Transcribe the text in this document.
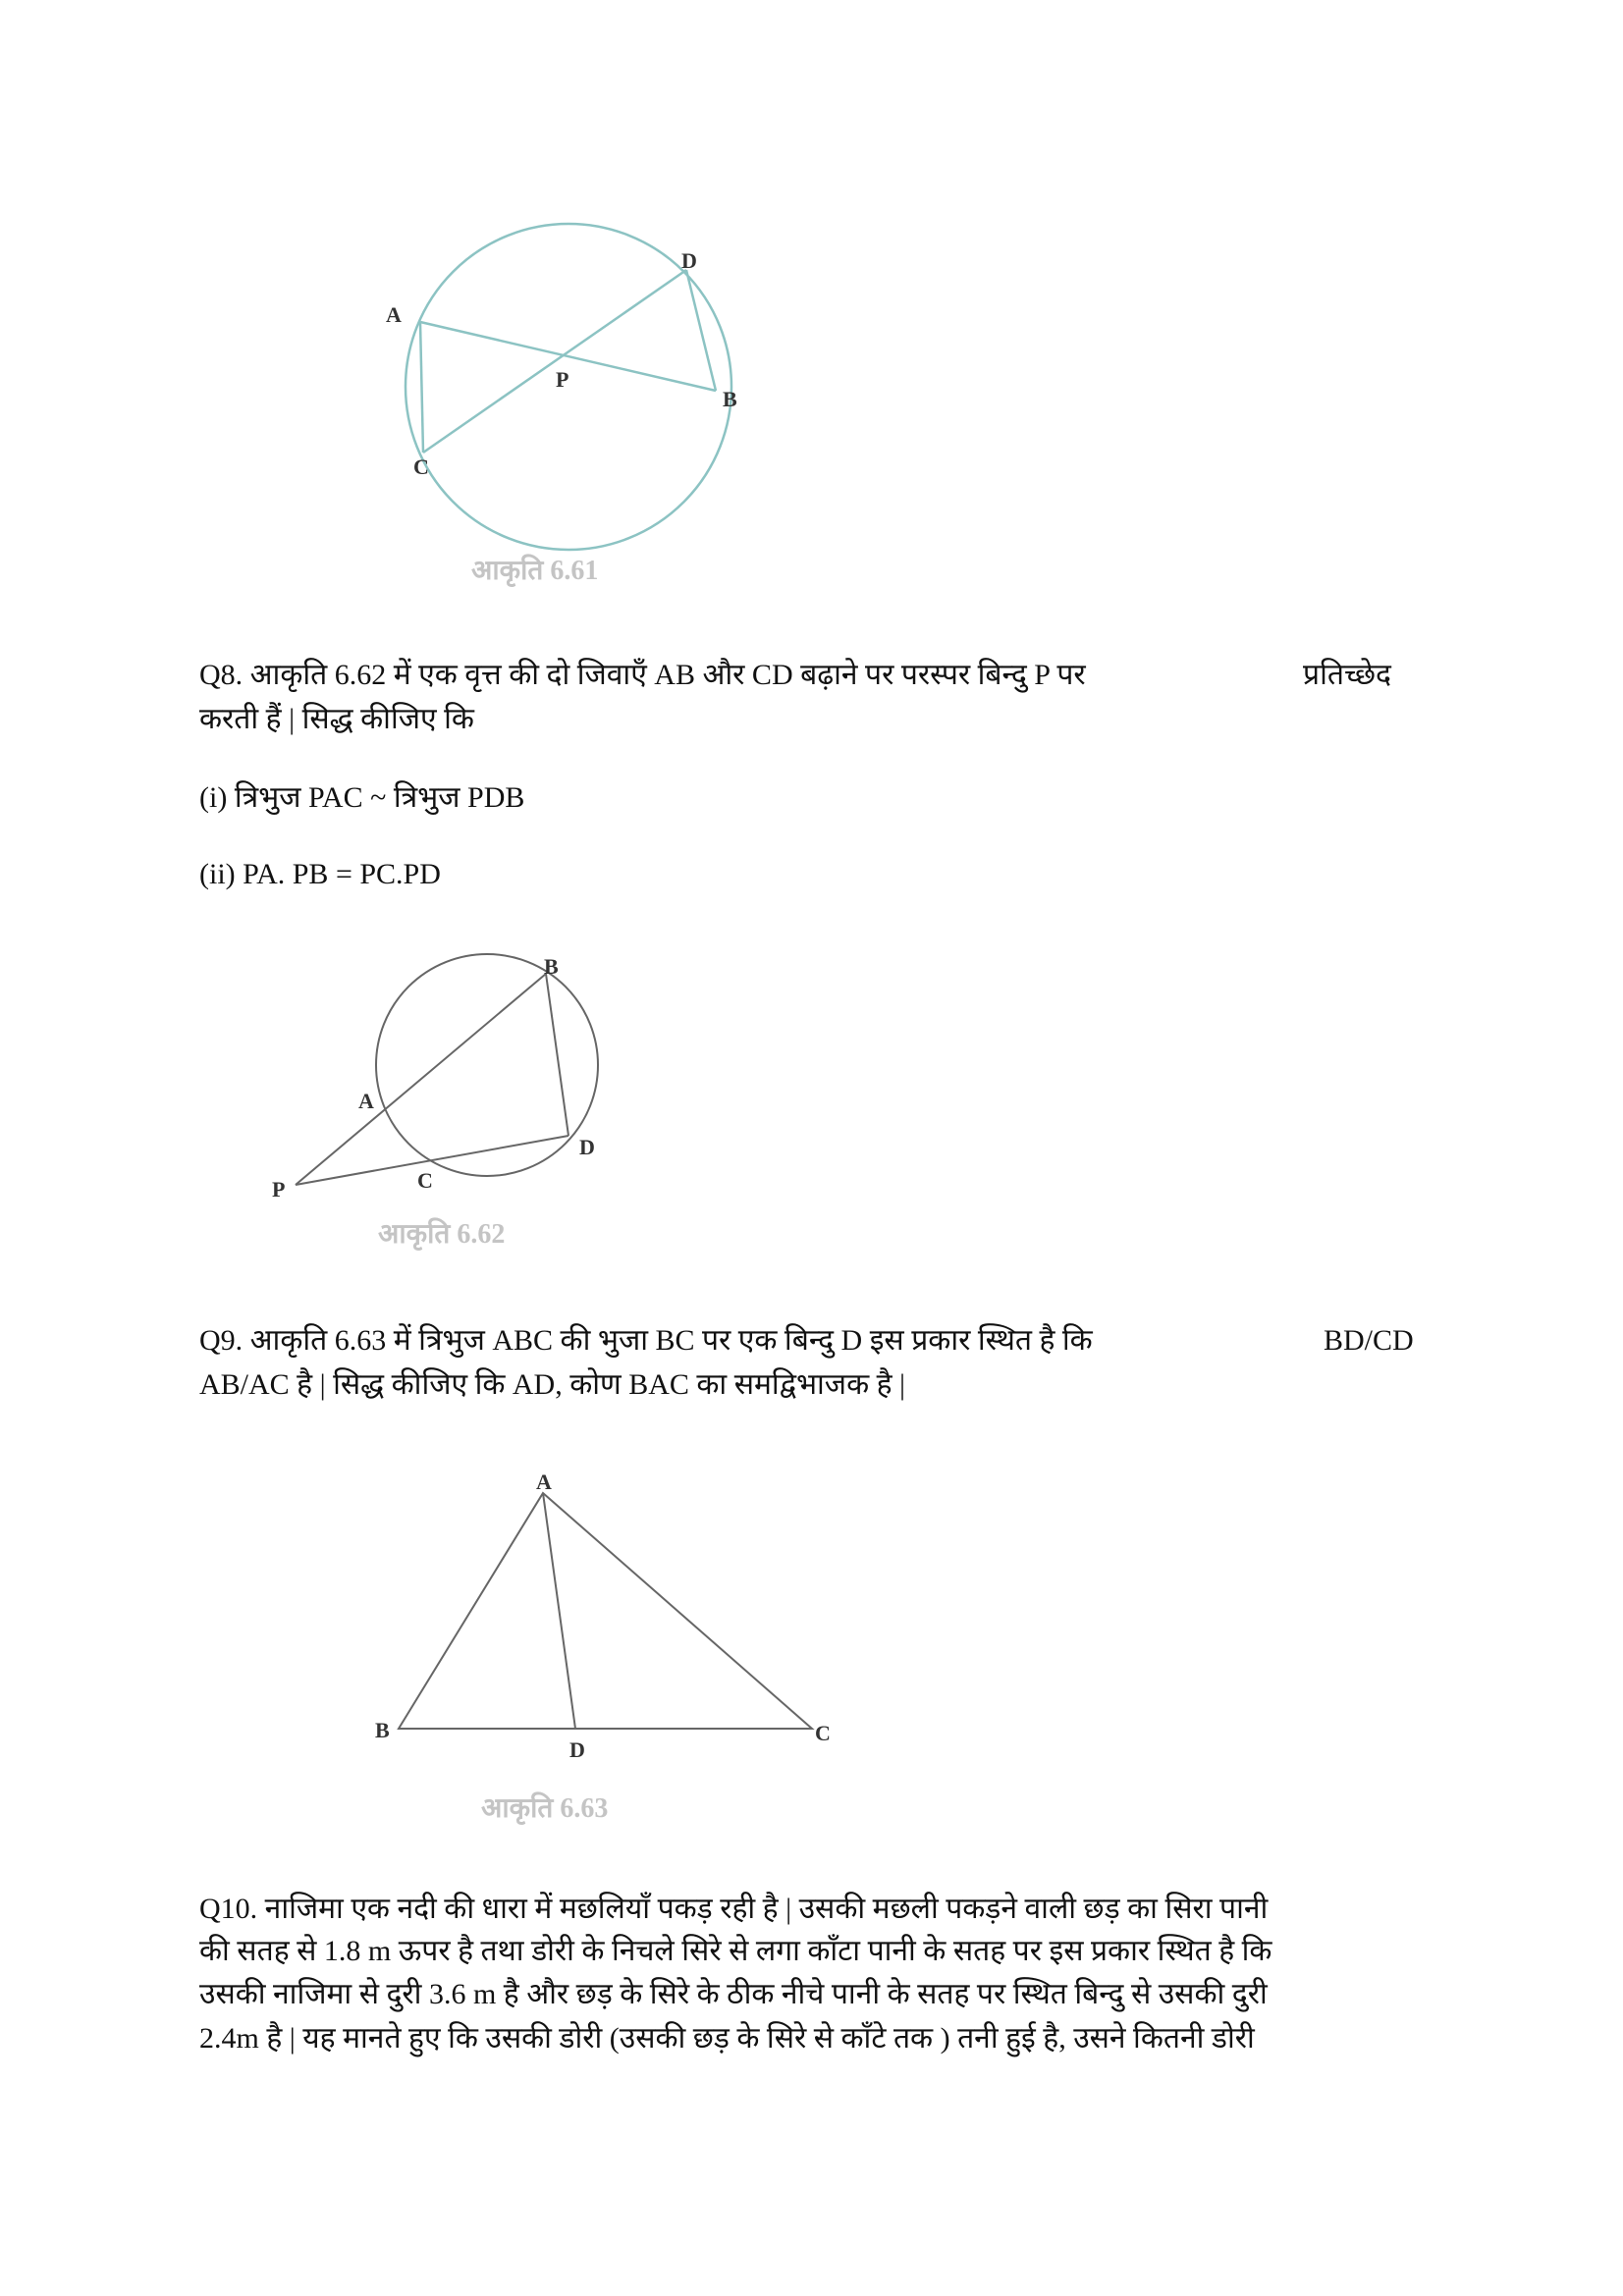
A
D
P
B
C
आकृति 6.61
B
A
D
C
P
आकृति 6.62
A
B
D
C
आकृति 6.63
Q8. आकृति 6.62 में एक वृत्त की दो जिवाएँ AB और CD बढ़ाने पर परस्पर बिन्दु P पर	प्रतिच्छेद
करती हैं | सिद्ध कीजिए कि
(i) त्रिभुज PAC ~ त्रिभुज PDB
(ii) PA. PB = PC.PD
Q9. आकृति 6.63 में त्रिभुज ABC की भुजा BC पर एक बिन्दु D इस प्रकार स्थित है कि	BD/CD
AB/AC है | सिद्ध कीजिए कि AD, कोण BAC का समद्विभाजक है |
Q10. नाजिमा एक नदी की धारा में मछलियाँ पकड़ रही है | उसकी मछली पकड़ने वाली छड़ का सिरा पानी
की सतह से 1.8 m ऊपर है तथा डोरी के निचले सिरे से लगा काँटा पानी के सतह पर इस प्रकार स्थित है कि
उसकी नाजिमा से दुरी 3.6 m है और छड़ के सिरे के ठीक नीचे पानी के सतह पर स्थित बिन्दु से उसकी दुरी
2.4m है | यह मानते हुए कि उसकी डोरी (उसकी छड़ के सिरे से काँटे तक ) तनी हुई है, उसने कितनी डोरी
